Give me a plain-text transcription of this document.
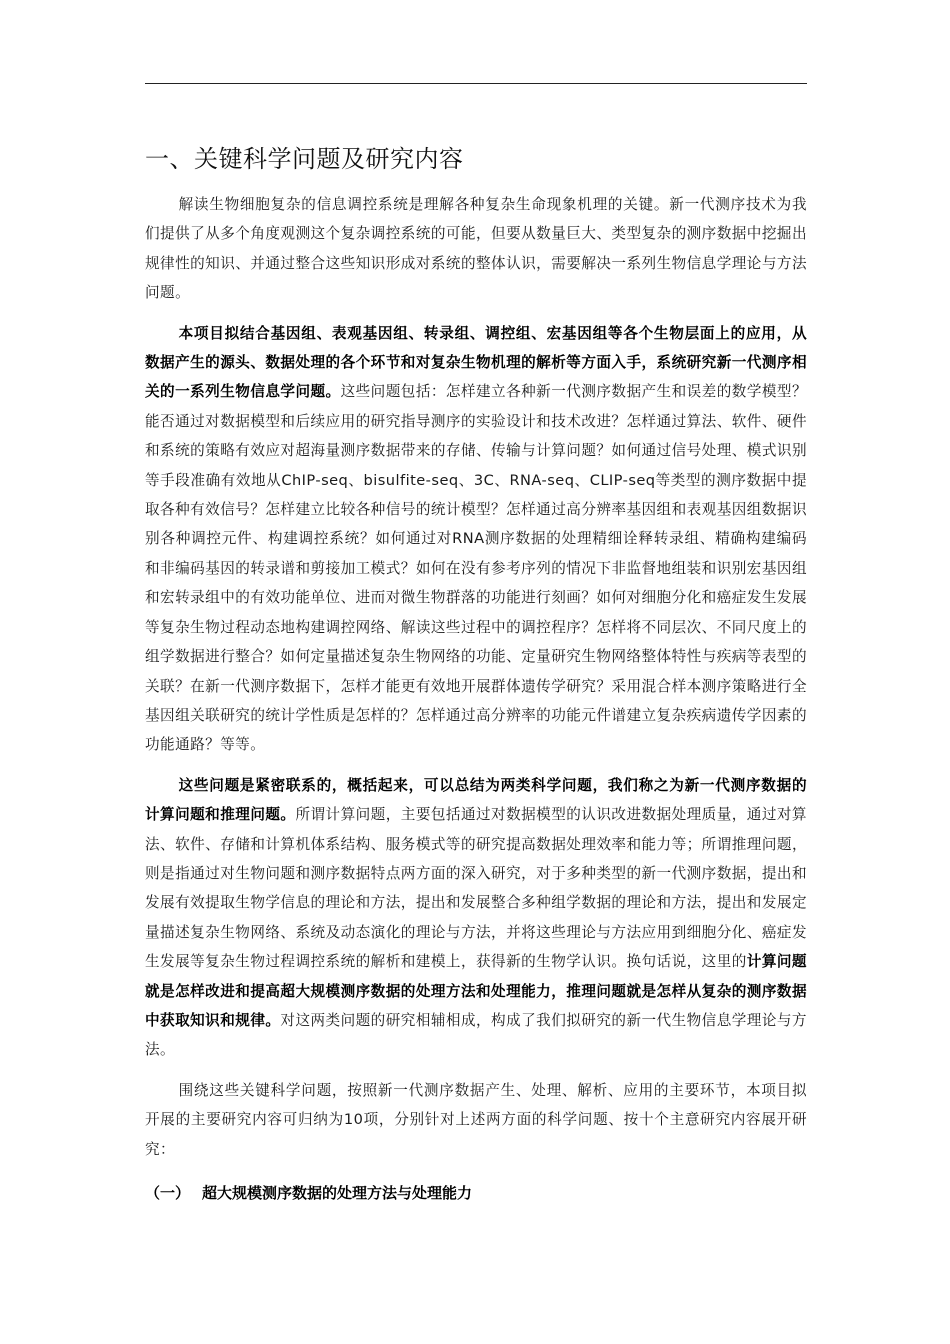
一、关键科学问题及研究内容

解读生物细胞复杂的信息调控系统是理解各种复杂生命现象机理的关键。新一代测序技术为我们提供了从多个角度观测这个复杂调控系统的可能，但要从数量巨大、类型复杂的测序数据中挖掘出规律性的知识、并通过整合这些知识形成对系统的整体认识，需要解决一系列生物信息学理论与方法问题。

本项目拟结合基因组、表观基因组、转录组、调控组、宏基因组等各个生物层面上的应用，从数据产生的源头、数据处理的各个环节和对复杂生物机理的解析等方面入手，系统研究新一代测序相关的一系列生物信息学问题。这些问题包括：怎样建立各种新一代测序数据产生和误差的数学模型？能否通过对数据模型和后续应用的研究指导测序的实验设计和技术改进？怎样通过算法、软件、硬件和系统的策略有效应对超海量测序数据带来的存储、传输与计算问题？如何通过信号处理、模式识别等手段准确有效地从ChIP-seq、bisulfite-seq、3C、RNA-seq、CLIP-seq等类型的测序数据中提取各种有效信号？怎样建立比较各种信号的统计模型？怎样通过高分辨率基因组和表观基因组数据识别各种调控元件、构建调控系统？如何通过对RNA测序数据的处理精细诠释转录组、精确构建编码和非编码基因的转录谱和剪接加工模式？如何在没有参考序列的情况下非监督地组装和识别宏基因组和宏转录组中的有效功能单位、进而对微生物群落的功能进行刻画？如何对细胞分化和癌症发生发展等复杂生物过程动态地构建调控网络、解读这些过程中的调控程序？怎样将不同层次、不同尺度上的组学数据进行整合？如何定量描述复杂生物网络的功能、定量研究生物网络整体特性与疾病等表型的关联？在新一代测序数据下，怎样才能更有效地开展群体遗传学研究？采用混合样本测序策略进行全基因组关联研究的统计学性质是怎样的？怎样通过高分辨率的功能元件谱建立复杂疾病遗传学因素的功能通路？等等。

这些问题是紧密联系的，概括起来，可以总结为两类科学问题，我们称之为新一代测序数据的计算问题和推理问题。所谓计算问题，主要包括通过对数据模型的认识改进数据处理质量，通过对算法、软件、存储和计算机体系结构、服务模式等的研究提高数据处理效率和能力等；所谓推理问题，则是指通过对生物问题和测序数据特点两方面的深入研究，对于多种类型的新一代测序数据，提出和发展有效提取生物学信息的理论和方法，提出和发展整合多种组学数据的理论和方法，提出和发展定量描述复杂生物网络、系统及动态演化的理论与方法，并将这些理论与方法应用到细胞分化、癌症发生发展等复杂生物过程调控系统的解析和建模上，获得新的生物学认识。换句话说，这里的计算问题就是怎样改进和提高超大规模测序数据的处理方法和处理能力，推理问题就是怎样从复杂的测序数据中获取知识和规律。对这两类问题的研究相辅相成，构成了我们拟研究的新一代生物信息学理论与方法。

围绕这些关键科学问题，按照新一代测序数据产生、处理、解析、应用的主要环节，本项目拟开展的主要研究内容可归纳为10项，分别针对上述两方面的科学问题、按十个主意研究内容展开研究：

（一） 超大规模测序数据的处理方法与处理能力
